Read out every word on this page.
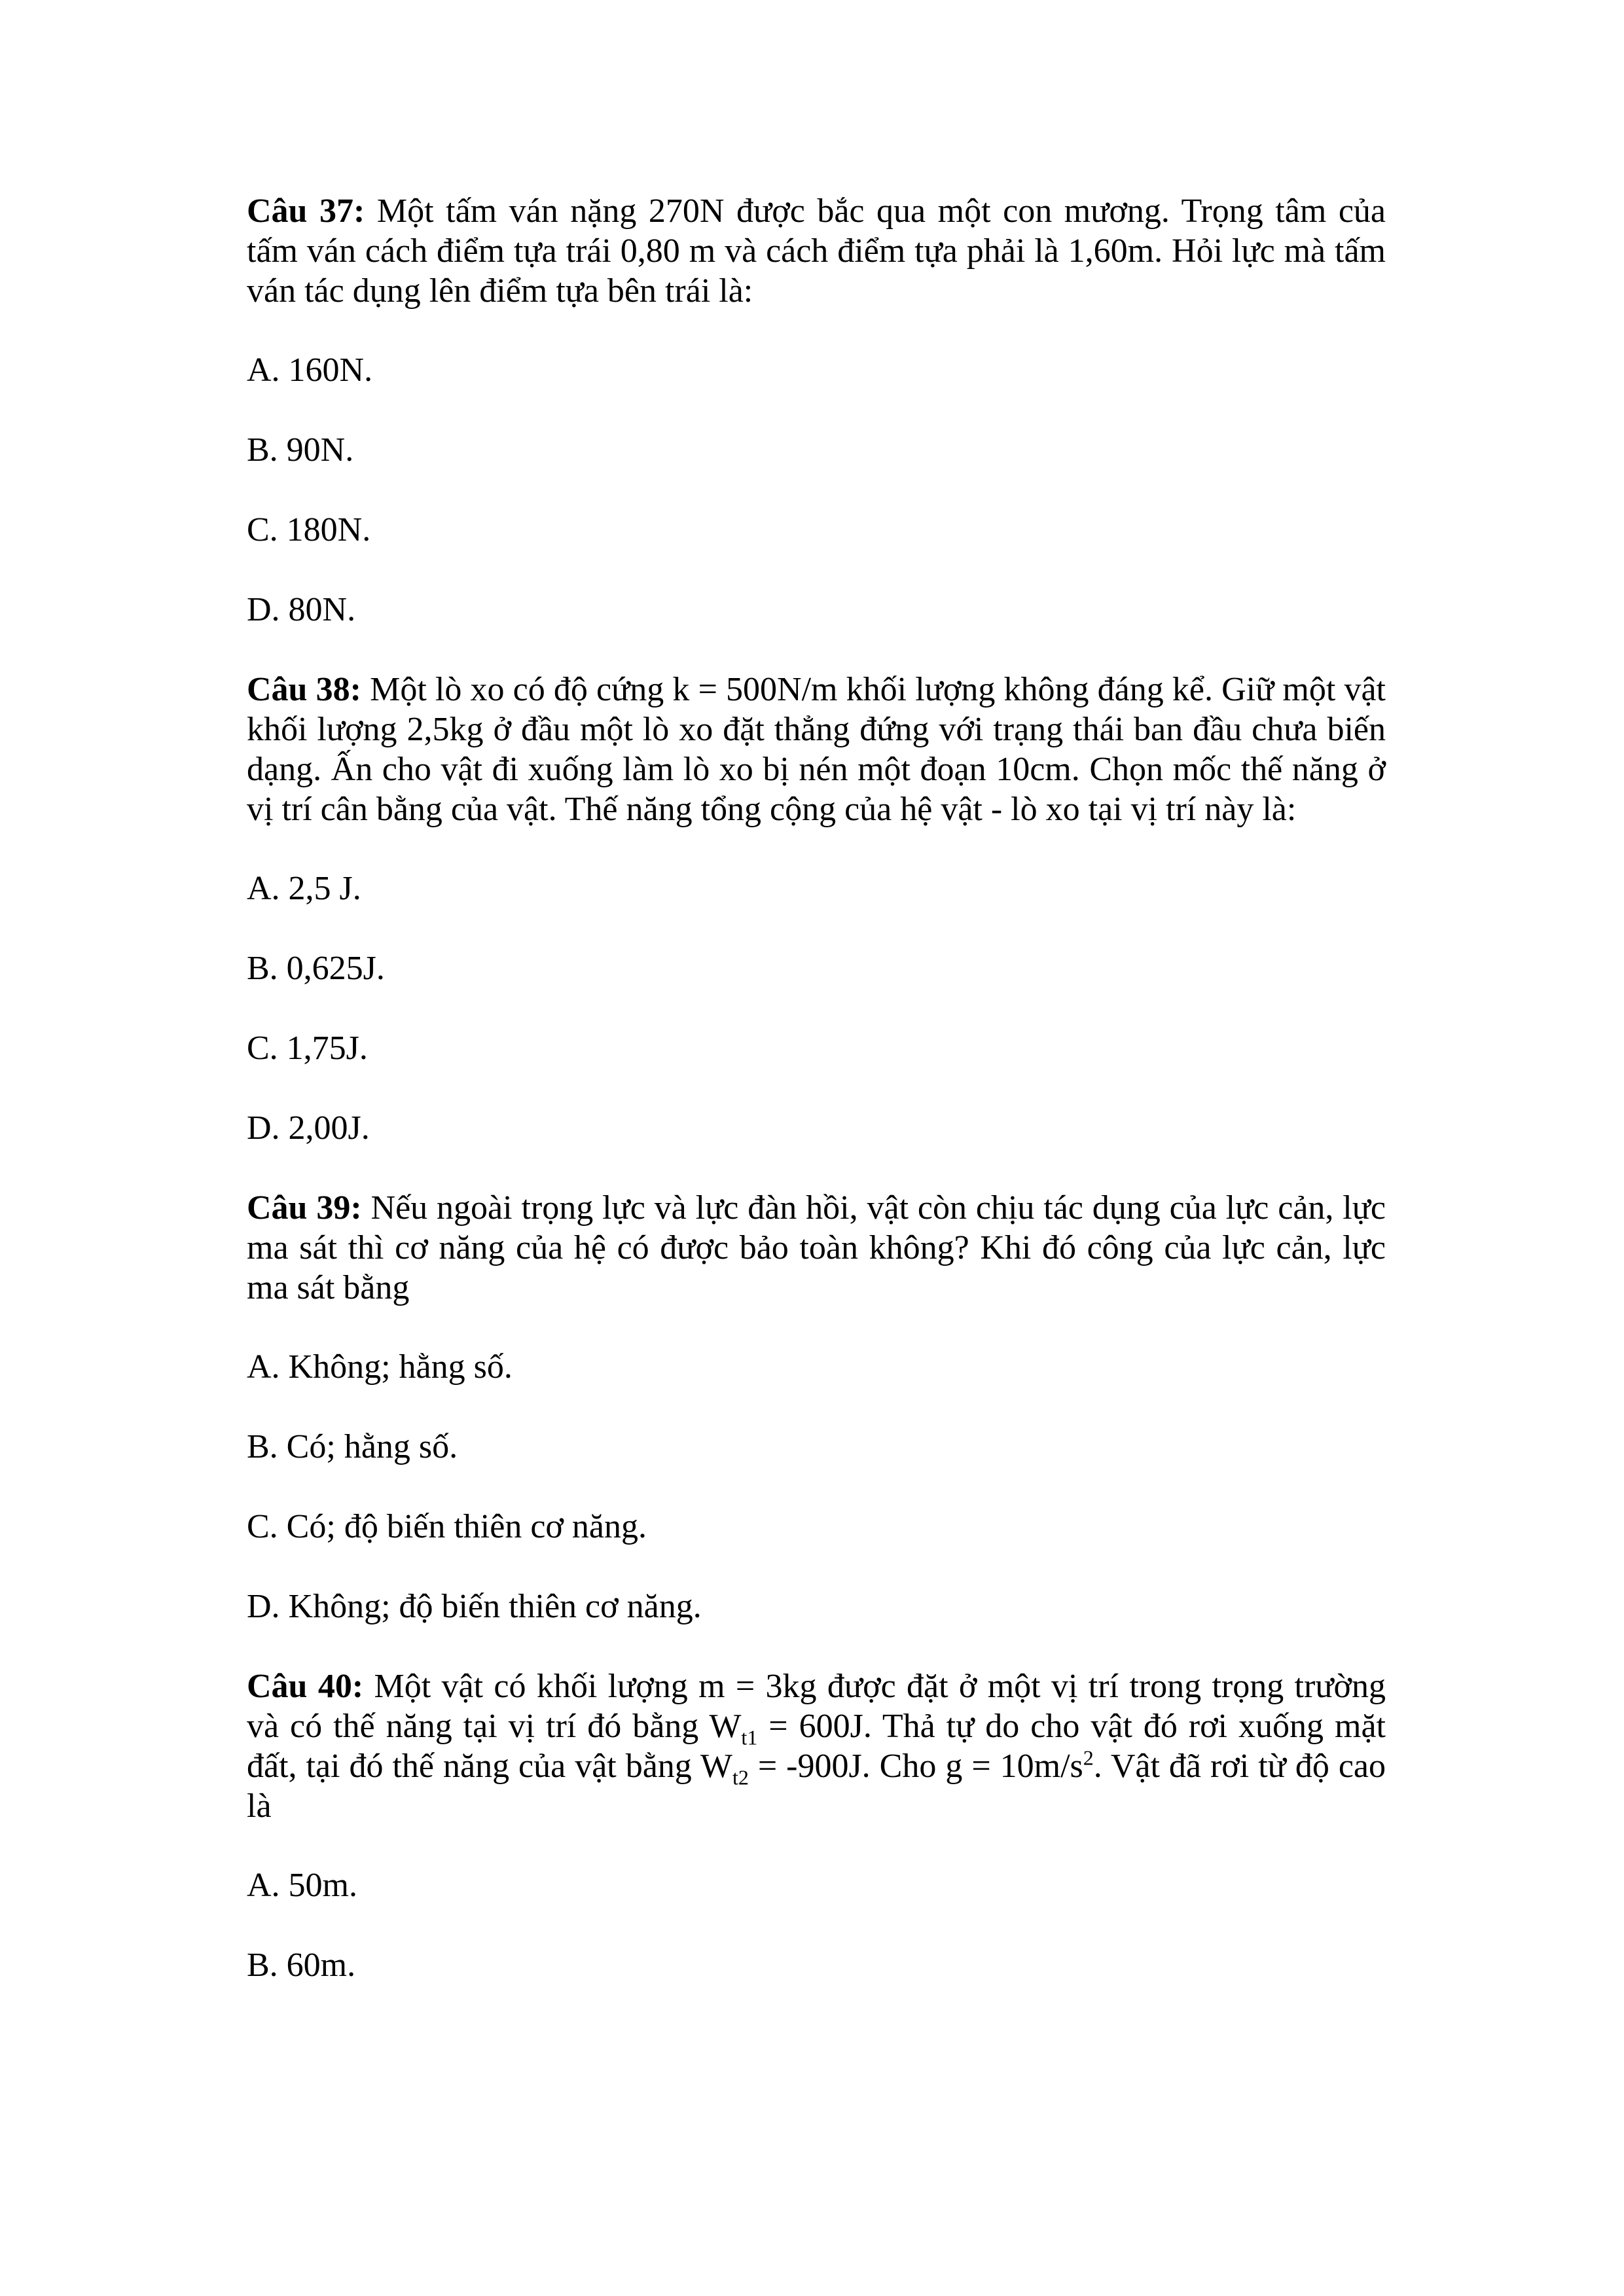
Câu 37: Một tấm ván nặng 270N được bắc qua một con mương. Trọng tâm của tấm ván cách điểm tựa trái 0,80 m và cách điểm tựa phải là 1,60m. Hỏi lực mà tấm ván tác dụng lên điểm tựa bên trái là:

A. 160N.
B. 90N.
C. 180N.
D. 80N.

Câu 38: Một lò xo có độ cứng k = 500N/m khối lượng không đáng kể. Giữ một vật khối lượng 2,5kg ở đầu một lò xo đặt thẳng đứng với trạng thái ban đầu chưa biến dạng. Ấn cho vật đi xuống làm lò xo bị nén một đoạn 10cm. Chọn mốc thế năng ở vị trí cân bằng của vật. Thế năng tổng cộng của hệ vật - lò xo tại vị trí này là:

A. 2,5 J.
B. 0,625J.
C. 1,75J.
D. 2,00J.

Câu 39: Nếu ngoài trọng lực và lực đàn hồi, vật còn chịu tác dụng của lực cản, lực ma sát thì cơ năng của hệ có được bảo toàn không? Khi đó công của lực cản, lực ma sát bằng

A. Không; hằng số.
B. Có; hằng số.
C. Có; độ biến thiên cơ năng.
D. Không; độ biến thiên cơ năng.

Câu 40: Một vật có khối lượng m = 3kg được đặt ở một vị trí trong trọng trường và có thế năng tại vị trí đó bằng $W_{t1} = 600J$. Thả tự do cho vật đó rơi xuống mặt đất, tại đó thế năng của vật bằng $W_{t2} = -900J$. Cho $g = 10m/s^2$. Vật đã rơi từ độ cao là

A. 50m.
B. 60m.
